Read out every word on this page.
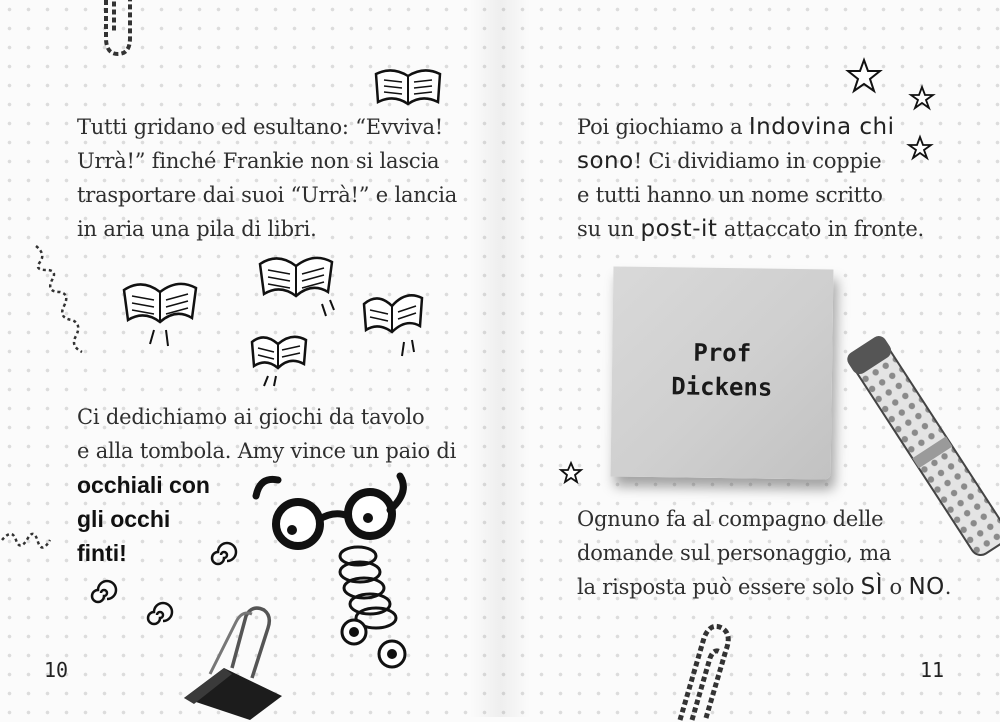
Tutti gridano ed esultano: “Evviva!
Urrà!” finché Frankie non si lascia
trasportare dai suoi “Urrà!” e lancia
in aria una pila di libri.
Ci dedichiamo ai giochi da tavolo
e alla tombola. Amy vince un paio di
occhiali con
gli occhi
finti!
10
Poi giochiamo a Indovina chi
sono! Ci dividiamo in coppie
e tutti hanno un nome scritto
su un post-it attaccato in fronte.
Ognuno fa al compagno delle
domande sul personaggio, ma
la risposta può essere solo SÌ o NO.
11
Prof
Dickens
